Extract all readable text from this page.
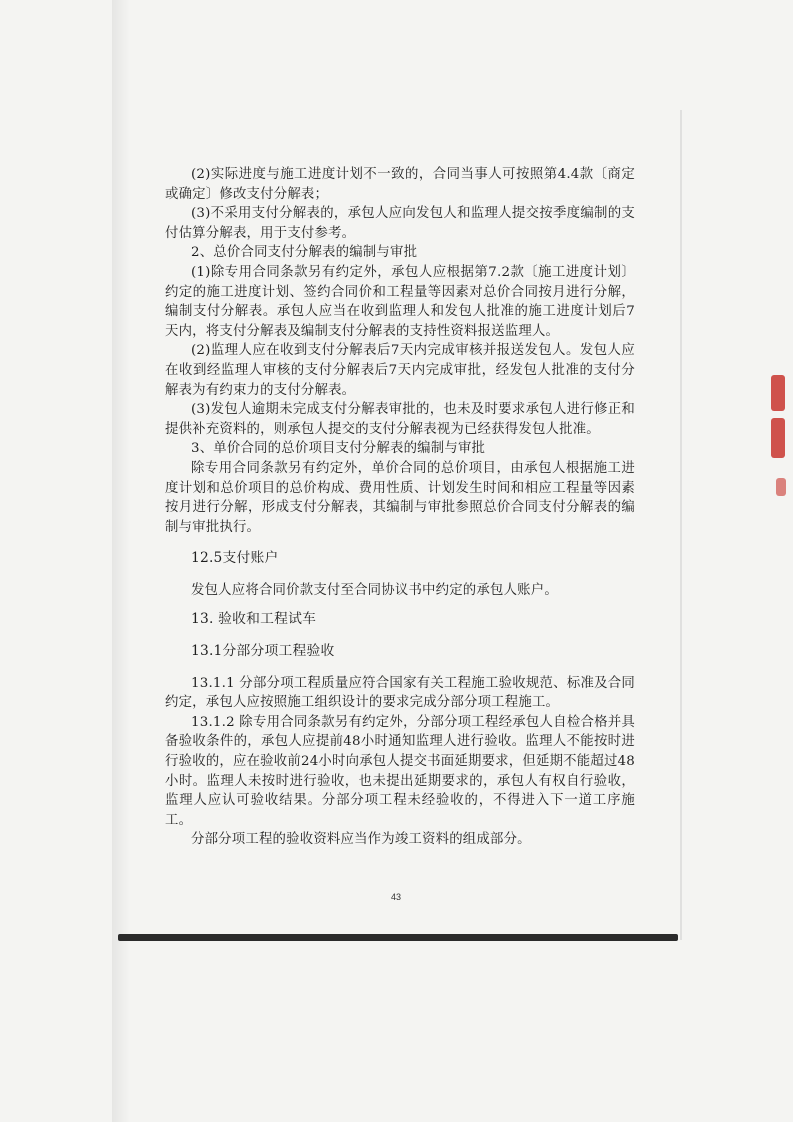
(2)实际进度与施工进度计划不一致的，合同当事人可按照第4.4款〔商定或确定〕修改支付分解表；

(3)不采用支付分解表的，承包人应向发包人和监理人提交按季度编制的支付估算分解表，用于支付参考。

2、总价合同支付分解表的编制与审批

(1)除专用合同条款另有约定外，承包人应根据第7.2款〔施工进度计划〕约定的施工进度计划、签约合同价和工程量等因素对总价合同按月进行分解，编制支付分解表。承包人应当在收到监理人和发包人批准的施工进度计划后7天内，将支付分解表及编制支付分解表的支持性资料报送监理人。

(2)监理人应在收到支付分解表后7天内完成审核并报送发包人。发包人应在收到经监理人审核的支付分解表后7天内完成审批，经发包人批准的支付分解表为有约束力的支付分解表。

(3)发包人逾期未完成支付分解表审批的，也未及时要求承包人进行修正和提供补充资料的，则承包人提交的支付分解表视为已经获得发包人批准。

3、单价合同的总价项目支付分解表的编制与审批

除专用合同条款另有约定外，单价合同的总价项目，由承包人根据施工进度计划和总价项目的总价构成、费用性质、计划发生时间和相应工程量等因素按月进行分解，形成支付分解表，其编制与审批参照总价合同支付分解表的编制与审批执行。

12.5支付账户

发包人应将合同价款支付至合同协议书中约定的承包人账户。

13. 验收和工程试车

13.1分部分项工程验收

13.1.1 分部分项工程质量应符合国家有关工程施工验收规范、标准及合同约定，承包人应按照施工组织设计的要求完成分部分项工程施工。

13.1.2 除专用合同条款另有约定外，分部分项工程经承包人自检合格并具备验收条件的，承包人应提前48小时通知监理人进行验收。监理人不能按时进行验收的，应在验收前24小时向承包人提交书面延期要求，但延期不能超过48小时。监理人未按时进行验收，也未提出延期要求的，承包人有权自行验收，监理人应认可验收结果。分部分项工程未经验收的，不得进入下一道工序施工。

分部分项工程的验收资料应当作为竣工资料的组成部分。

43
